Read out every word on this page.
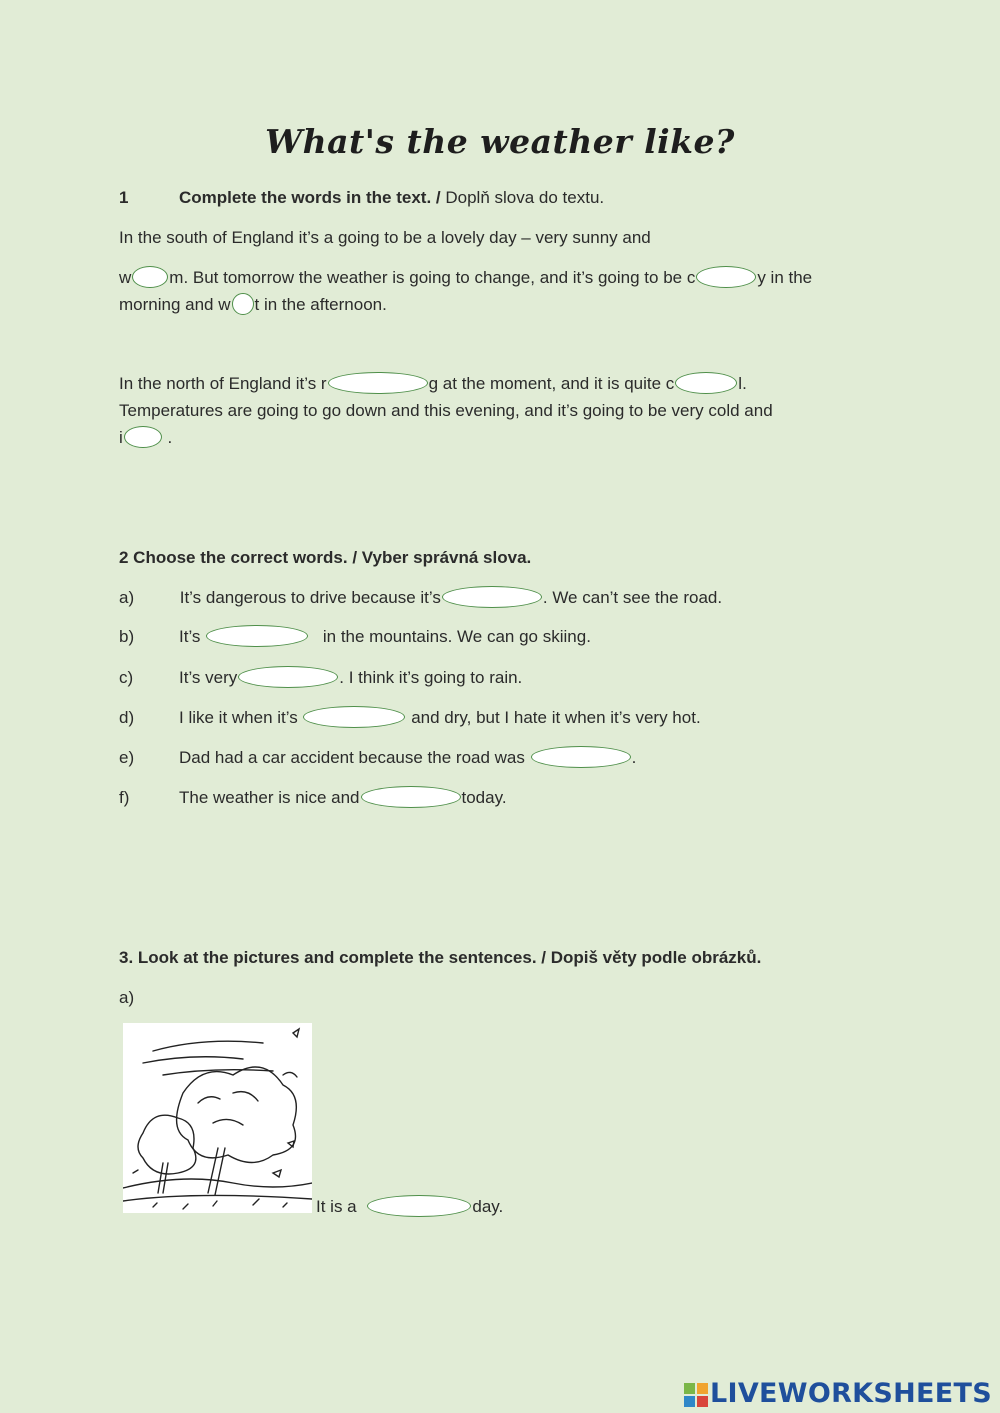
What's the weather like?
1	Complete the words in the text. / Doplň slova do textu.
In the south of England it’s a going to be a lovely day – very sunny and
w m. But tomorrow the weather is going to change, and it’s going to be c	y in the
morning and w t in the afternoon.
In the north of England it’s r	g at the moment, and it is quite c	l.
Temperatures are going to go down and this evening, and it’s going to be very cold and
i .
2 Choose the correct words. / Vyber správná slova.
a) It’s dangerous to drive because it’s	. We can’t see the road.
b)	It’s	in the mountains. We can go skiing.
c)	It’s very	. I think it’s going to rain.
d)	I like it when it’s	and dry, but I hate it when it’s very hot.
e)	Dad had a car accident because the road was	.
f)	The weather is nice and	today.
3. Look at the pictures and complete the sentences. / Dopiš věty podle obrázků.
a)
It is a	day.
LIVEWORKSHEETS
